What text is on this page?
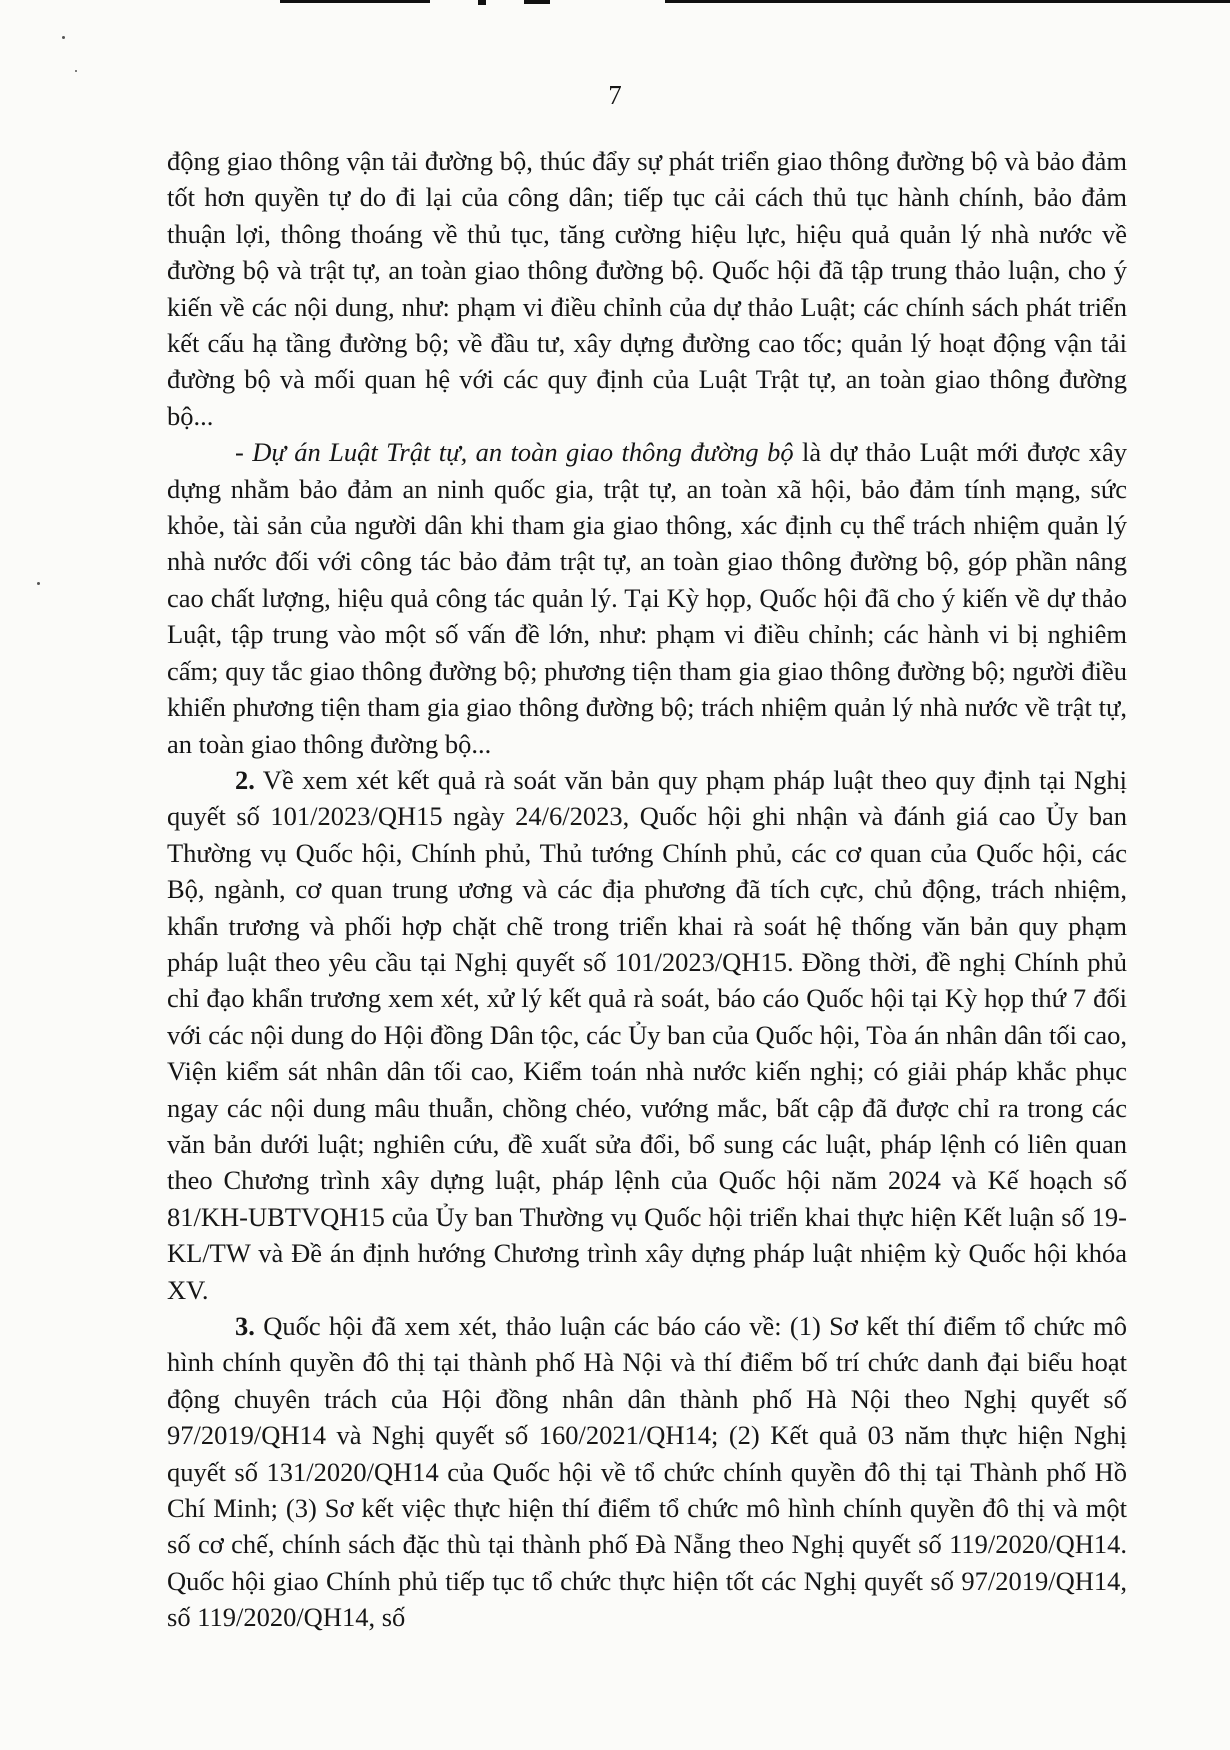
7

động giao thông vận tải đường bộ, thúc đẩy sự phát triển giao thông đường bộ và bảo đảm tốt hơn quyền tự do đi lại của công dân; tiếp tục cải cách thủ tục hành chính, bảo đảm thuận lợi, thông thoáng về thủ tục, tăng cường hiệu lực, hiệu quả quản lý nhà nước về đường bộ và trật tự, an toàn giao thông đường bộ. Quốc hội đã tập trung thảo luận, cho ý kiến về các nội dung, như: phạm vi điều chỉnh của dự thảo Luật; các chính sách phát triển kết cấu hạ tầng đường bộ; về đầu tư, xây dựng đường cao tốc; quản lý hoạt động vận tải đường bộ và mối quan hệ với các quy định của Luật Trật tự, an toàn giao thông đường bộ...

- Dự án Luật Trật tự, an toàn giao thông đường bộ là dự thảo Luật mới được xây dựng nhằm bảo đảm an ninh quốc gia, trật tự, an toàn xã hội, bảo đảm tính mạng, sức khỏe, tài sản của người dân khi tham gia giao thông, xác định cụ thể trách nhiệm quản lý nhà nước đối với công tác bảo đảm trật tự, an toàn giao thông đường bộ, góp phần nâng cao chất lượng, hiệu quả công tác quản lý. Tại Kỳ họp, Quốc hội đã cho ý kiến về dự thảo Luật, tập trung vào một số vấn đề lớn, như: phạm vi điều chỉnh; các hành vi bị nghiêm cấm; quy tắc giao thông đường bộ; phương tiện tham gia giao thông đường bộ; người điều khiển phương tiện tham gia giao thông đường bộ; trách nhiệm quản lý nhà nước về trật tự, an toàn giao thông đường bộ...

2. Về xem xét kết quả rà soát văn bản quy phạm pháp luật theo quy định tại Nghị quyết số 101/2023/QH15 ngày 24/6/2023, Quốc hội ghi nhận và đánh giá cao Ủy ban Thường vụ Quốc hội, Chính phủ, Thủ tướng Chính phủ, các cơ quan của Quốc hội, các Bộ, ngành, cơ quan trung ương và các địa phương đã tích cực, chủ động, trách nhiệm, khẩn trương và phối hợp chặt chẽ trong triển khai rà soát hệ thống văn bản quy phạm pháp luật theo yêu cầu tại Nghị quyết số 101/2023/QH15. Đồng thời, đề nghị Chính phủ chỉ đạo khẩn trương xem xét, xử lý kết quả rà soát, báo cáo Quốc hội tại Kỳ họp thứ 7 đối với các nội dung do Hội đồng Dân tộc, các Ủy ban của Quốc hội, Tòa án nhân dân tối cao, Viện kiểm sát nhân dân tối cao, Kiểm toán nhà nước kiến nghị; có giải pháp khắc phục ngay các nội dung mâu thuẫn, chồng chéo, vướng mắc, bất cập đã được chỉ ra trong các văn bản dưới luật; nghiên cứu, đề xuất sửa đổi, bổ sung các luật, pháp lệnh có liên quan theo Chương trình xây dựng luật, pháp lệnh của Quốc hội năm 2024 và Kế hoạch số 81/KH-UBTVQH15 của Ủy ban Thường vụ Quốc hội triển khai thực hiện Kết luận số 19-KL/TW và Đề án định hướng Chương trình xây dựng pháp luật nhiệm kỳ Quốc hội khóa XV.

3. Quốc hội đã xem xét, thảo luận các báo cáo về: (1) Sơ kết thí điểm tổ chức mô hình chính quyền đô thị tại thành phố Hà Nội và thí điểm bố trí chức danh đại biểu hoạt động chuyên trách của Hội đồng nhân dân thành phố Hà Nội theo Nghị quyết số 97/2019/QH14 và Nghị quyết số 160/2021/QH14; (2) Kết quả 03 năm thực hiện Nghị quyết số 131/2020/QH14 của Quốc hội về tổ chức chính quyền đô thị tại Thành phố Hồ Chí Minh; (3) Sơ kết việc thực hiện thí điểm tổ chức mô hình chính quyền đô thị và một số cơ chế, chính sách đặc thù tại thành phố Đà Nẵng theo Nghị quyết số 119/2020/QH14. Quốc hội giao Chính phủ tiếp tục tổ chức thực hiện tốt các Nghị quyết số 97/2019/QH14, số 119/2020/QH14, số
